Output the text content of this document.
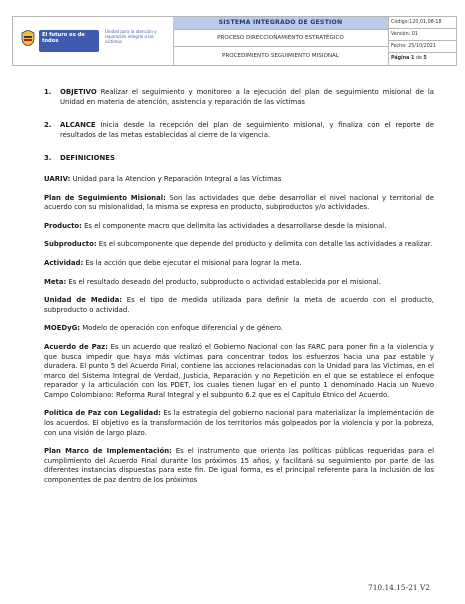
El futuro es de todos
Unidad para la atención y reparación integral a las víctimas
SISTEMA INTEGRADO DE GESTION
PROCESO DIRECCIONAMIENTO ESTRATÉGICO
PROCEDIMIENTO SEGUIMIENTO MISIONAL
Código:120,01,08-18
Versión: 01
Fecha: 25/10/2021
Página 1 de 5
1. OBJETIVO Realizar el seguimiento y monitoreo a la ejecución del plan de seguimiento misional de la Unidad en materia de atención, asistencia y reparación de las víctimas
2. ALCANCE Inicia desde la recepción del plan de seguimiento misional, y finaliza con el reporte de resultados de las metas establecidas al cierre de la vigencia.
3. DEFINICIONES

UARIV: Unidad para la Atencion y Reparación Integral a las Víctimas

Plan de Seguimiento Misional: Son las actividades que debe desarrollar el nivel nacional y territorial de acuerdo con su misionalidad, la misma se expresa en producto, subproductos y/o actividades.

Producto: Es el componente macro que delimita las actividades a desarrollarse desde la misional.

Subproducto: Es el subcomponente que depende del producto y delimita con detalle las actividades a realizar.

Actividad: Es la acción que debe ejecutar el misional para lograr la meta.

Meta: Es el resultado deseado del producto, subproducto o actividad establecida por el misional.

Unidad de Medida: Es el tipo de medida utilizada para definir la meta de acuerdo con el producto, subproducto o actividad.

MOEDyG: Modelo de operación con enfoque diferencial y de género.

Acuerdo de Paz: Es un acuerdo que realizó el Gobierno Nacional con las FARC para poner fin a la violencia y que busca impedir que haya más víctimas para concentrar todos los esfuerzos hacia una paz estable y duradera. El punto 5 del Acuerdo Final, contiene las acciones relacionadas con la Unidad para las Víctimas, en el marco del Sistema Integral de Verdad, Justicia, Reparación y no Repetición en el que se establece el enfoque reparador y la articulación con los PDET, los cuales tienen lugar en el punto 1 denominado Hacia un Nuevo Campo Colombiano: Reforma Rural Integral y el subpunto 6.2 que es el Capítulo Étnico del Acuerdo.

Política de Paz con Legalidad: Es la estrategia del gobierno nacional para materializar la implementación de los acuerdos. El objetivo es la transformación de los territorios más golpeados por la violencia y por la pobreza, con una visión de largo plazo.

Plan Marco de Implementación: Es el instrumento que orienta las políticas públicas requeridas para el cumplimiento del Acuerdo Final durante los próximos 15 años, y facilitará su seguimiento por parte de las diferentes instancias dispuestas para este fin. De igual forma, es el principal referente para la inclusión de los componentes de paz dentro de los próximos

710.14.15-21 V2
